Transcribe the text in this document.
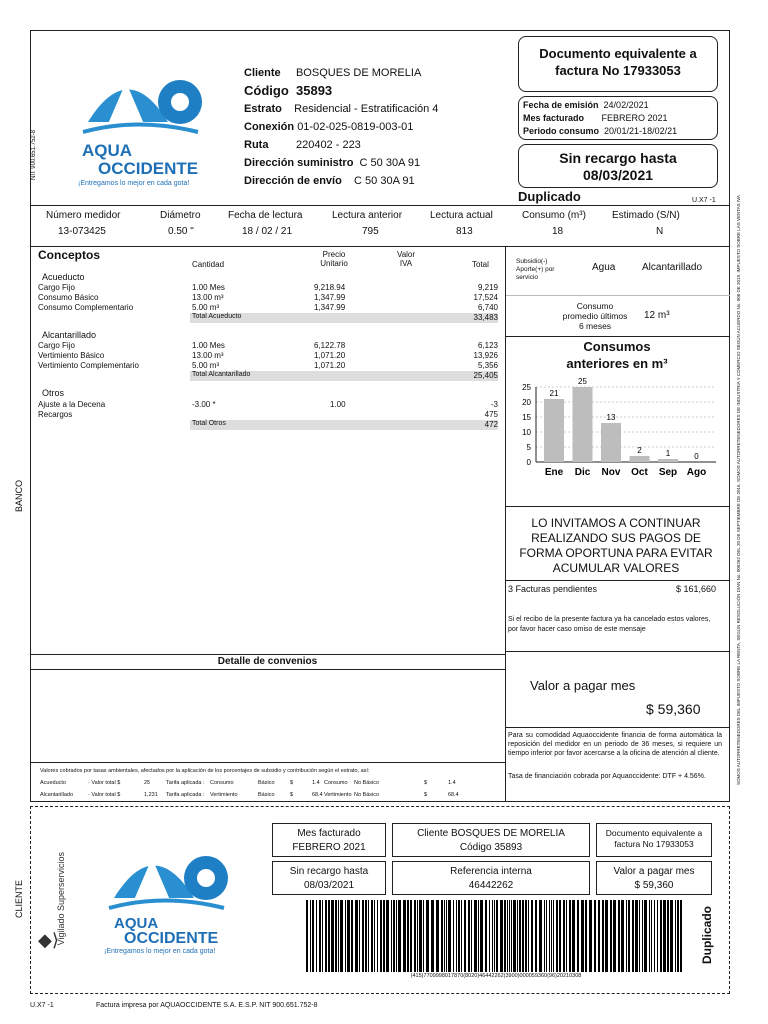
BANCO
CLIENTE
NIT 900.651.752-8
SOMOS AUTORRETENEDORES DEL IMPUESTO SOBRE LA RENTA, SEGÚN RESOLUCIÓN DIAN No. 006262 DEL 20 DE SEPTIEMBRE DE 2016. SOMOS AUTORRETENEDORES DE INDUSTRIA Y COMERCIO SEGÚN ACUERDO No. 006 DE 2019. IMPUESTO SOBRE LAS VENTAS IVA
AQUA
OCCIDENTE
¡Entregamos lo mejor en cada gota!
Cliente BOSQUES DE MORELIA
Código 35893
Estrato Residencial - Estratificación 4
Conexión 01-02-025-0819-003-01
Ruta	220402 - 223
Dirección suministro C 50 30A 91
Dirección de envío C 50 30A 91
Documento equivalente a factura No 17933053
Fecha de emisión 24/02/2021
Mes facturado FEBRERO 2021
Periodo consumo 20/01/21-18/02/21
Sin recargo hasta
08/03/2021
Duplicado	U.X7 -1
Número medidor	Diámetro	Fecha de lectura	Lectura anterior	Lectura actual	Consumo (m³)	Estimado (S/N)
13-073425	0.50 "	18 / 02 / 21	795	813	18	N
Conceptos
Cantidad
Precio Unitario
Valor IVA	Total
Acueducto
Cargo Fijo	1.00 Mes	9,218.94	9,219
Consumo Básico	13.00 m³	1,347.99	17,524
Consumo Complementario	5.00 m³	1,347.99	6,740
Total Acueducto	33,483
Alcantarillado
Cargo Fijo	1.00 Mes	6,122.78	6,123
Vertimiento Básico	13.00 m³	1,071.20	13,926
Vertimiento Complementario	5.00 m³	1,071.20	5,356
Total Alcantarillado	25,405
Otros
Ajuste a la Decena	-3.00 *	1.00	-3
Recargos	475
Total Otros	472
Subsidio(-) Aporte(+) por servicio
Agua	Alcantarillado
Consumo promedio últimos 6 meses
12 m³
Consumos anteriores en m³
0
5
10
15
20
25
21
Ene
25
Dic
13
Nov
2
Oct
1
Sep
0
Ago
LO INVITAMOS A CONTINUAR REALIZANDO SUS PAGOS DE FORMA OPORTUNA PARA EVITAR ACUMULAR VALORES
3 Facturas pendientes	$ 161,660
Si el recibo de la presente factura ya ha cancelado estos valores, por favor hacer caso omiso de este mensaje
Valor a pagar mes
$ 59,360
Para su comodidad Aquaoccidente financia de forma automática la reposición del medidor en un periodo de 36 meses, si requiere un tiempo inferior por favor acercarse a la oficina de atención al cliente.
Tasa de financiación cobrada por Aquaoccidente: DTF + 4.56%.
Detalle de convenios
Valores cobrados por tasas ambientales, afectados por la aplicación de los porcentajes de subsidio y contribución según el estrato, así:
Acueducto	· Valor total $	25	Tarifa aplicada : Consumo	Básico	$	1.4 Consumo No Básico	$	1.4
Alcantarillado	· Valor total $	1,231 Tarifa aplicada : Vertimiento	Básico	$	68.4 Vertimiento No Básico	$	68.4
AQUA
OCCIDENTE
¡Entregamos lo mejor en cada gota!
Vigilado Superservicios
◆⟩
Mes facturado
FEBRERO 2021
Cliente BOSQUES DE MORELIA
Código 35893
Documento equivalente a factura No 17933053
Sin recargo hasta
08/03/2021
Referencia interna
46442262
Valor a pagar mes
$ 59,360
(415)7709998017870(8020)46442262(3900)000059360(96)20210308
Duplicado
U.X7 -1	Factura impresa por AQUAOCCIDENTE S.A. E.S.P. NIT 900.651.752-8
